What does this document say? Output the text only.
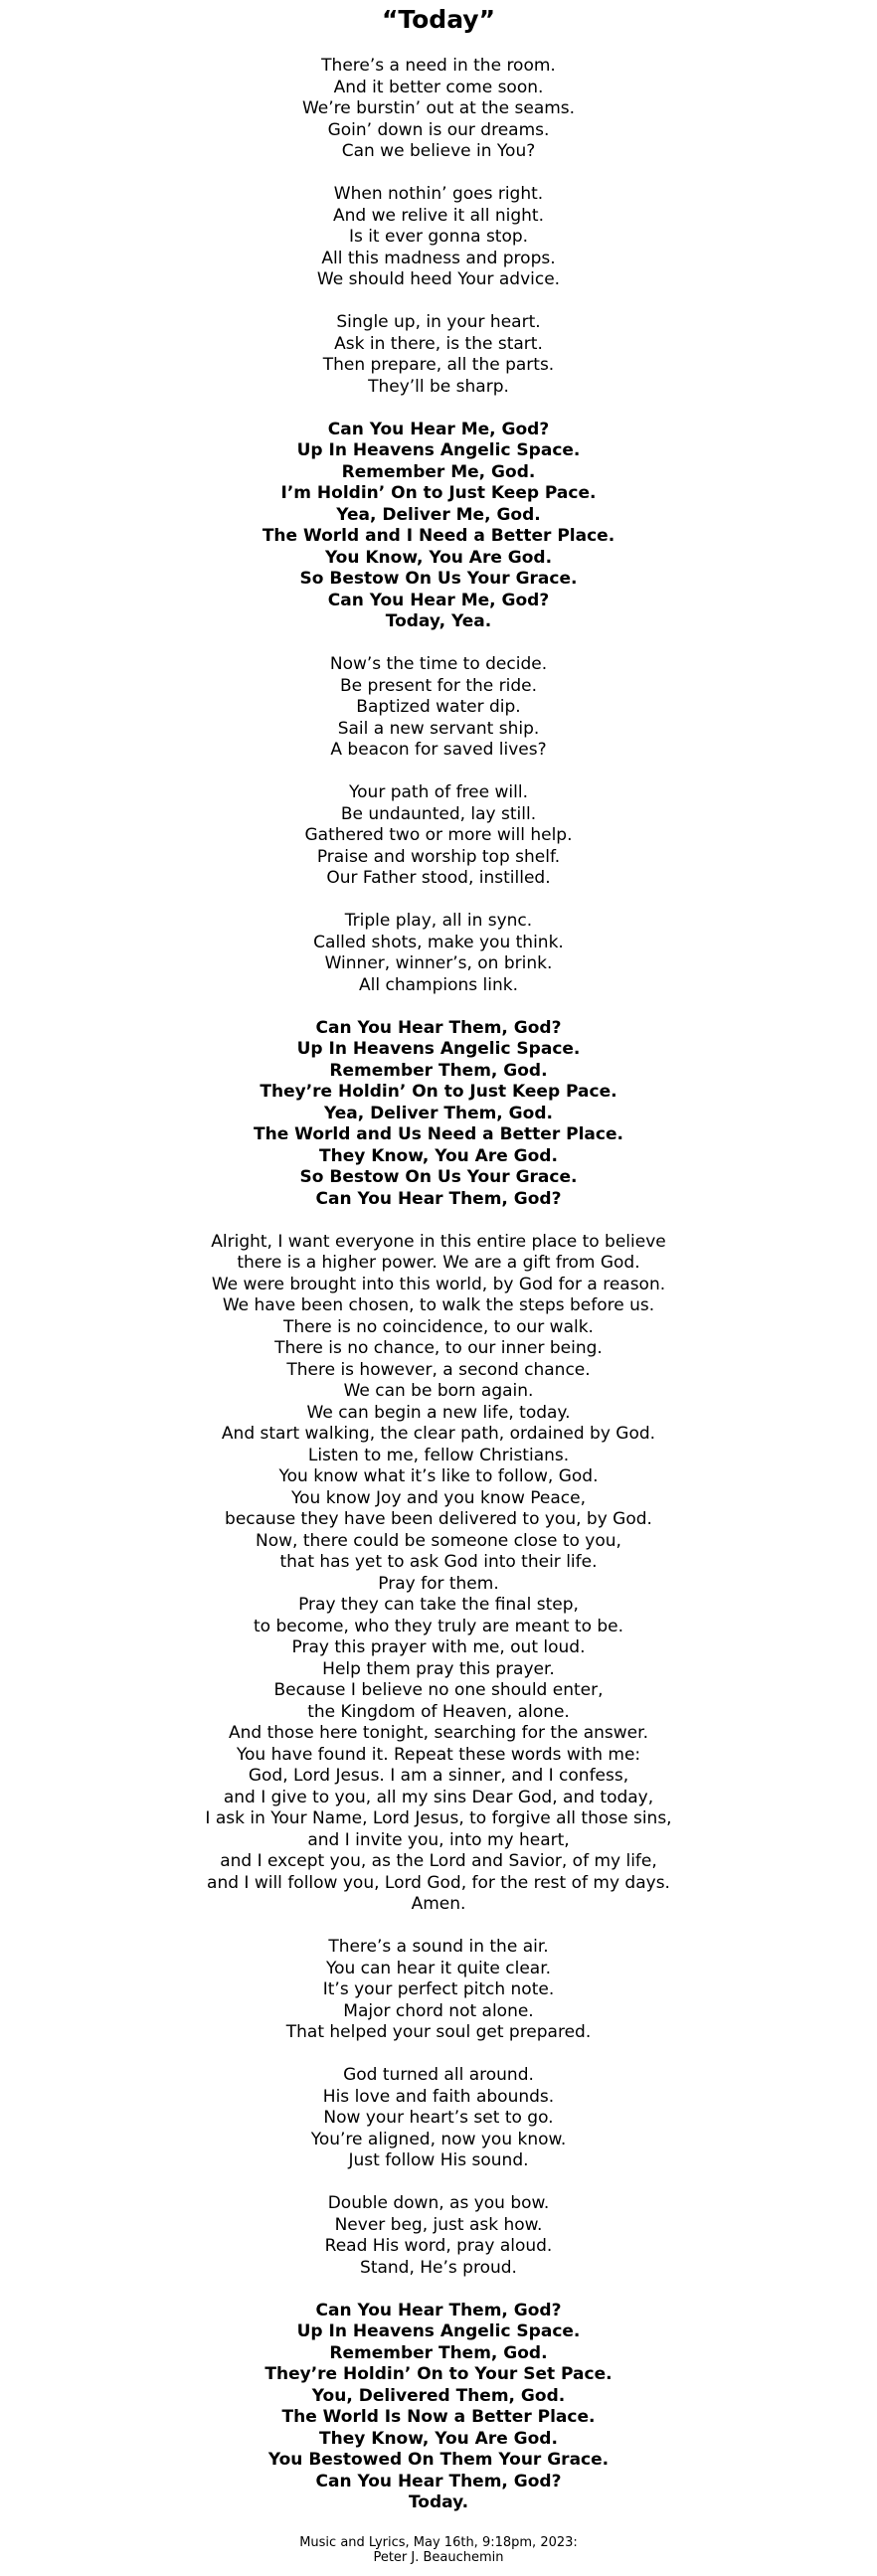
“Today”
There’s a need in the room.
And it better come soon.
We’re burstin’ out at the seams.
Goin’ down is our dreams.
Can we believe in You?
When nothin’ goes right.
And we relive it all night.
Is it ever gonna stop.
All this madness and props.
We should heed Your advice.
Single up, in your heart.
Ask in there, is the start.
Then prepare, all the parts.
They’ll be sharp.
Can You Hear Me, God?
Up In Heavens Angelic Space.
Remember Me, God.
I’m Holdin’ On to Just Keep Pace.
Yea, Deliver Me, God.
The World and I Need a Better Place.
You Know, You Are God.
So Bestow On Us Your Grace.
Can You Hear Me, God?
Today, Yea.
Now’s the time to decide.
Be present for the ride.
Baptized water dip.
Sail a new servant ship.
A beacon for saved lives?
Your path of free will.
Be undaunted, lay still.
Gathered two or more will help.
Praise and worship top shelf.
Our Father stood, instilled.
Triple play, all in sync.
Called shots, make you think.
Winner, winner’s, on brink.
All champions link.
Can You Hear Them, God?
Up In Heavens Angelic Space.
Remember Them, God.
They’re Holdin’ On to Just Keep Pace.
Yea, Deliver Them, God.
The World and Us Need a Better Place.
They Know, You Are God.
So Bestow On Us Your Grace.
Can You Hear Them, God?
Alright, I want everyone in this entire place to believe
there is a higher power. We are a gift from God.
We were brought into this world, by God for a reason.
We have been chosen, to walk the steps before us.
There is no coincidence, to our walk.
There is no chance, to our inner being.
There is however, a second chance.
We can be born again.
We can begin a new life, today.
And start walking, the clear path, ordained by God.
Listen to me, fellow Christians.
You know what it’s like to follow, God.
You know Joy and you know Peace,
because they have been delivered to you, by God.
Now, there could be someone close to you,
that has yet to ask God into their life.
Pray for them.
Pray they can take the final step,
to become, who they truly are meant to be.
Pray this prayer with me, out loud.
Help them pray this prayer.
Because I believe no one should enter,
the Kingdom of Heaven, alone.
And those here tonight, searching for the answer.
You have found it. Repeat these words with me:
God, Lord Jesus. I am a sinner, and I confess,
and I give to you, all my sins Dear God, and today,
I ask in Your Name, Lord Jesus, to forgive all those sins,
and I invite you, into my heart,
and I except you, as the Lord and Savior, of my life,
and I will follow you, Lord God, for the rest of my days.
Amen.
There’s a sound in the air.
You can hear it quite clear.
It’s your perfect pitch note.
Major chord not alone.
That helped your soul get prepared.
God turned all around.
His love and faith abounds.
Now your heart’s set to go.
You’re aligned, now you know.
Just follow His sound.
Double down, as you bow.
Never beg, just ask how.
Read His word, pray aloud.
Stand, He’s proud.
Can You Hear Them, God?
Up In Heavens Angelic Space.
Remember Them, God.
They’re Holdin’ On to Your Set Pace.
You, Delivered Them, God.
The World Is Now a Better Place.
They Know, You Are God.
You Bestowed On Them Your Grace.
Can You Hear Them, God?
Today.
Music and Lyrics, May 16th, 9:18pm, 2023:
Peter J. Beauchemin
